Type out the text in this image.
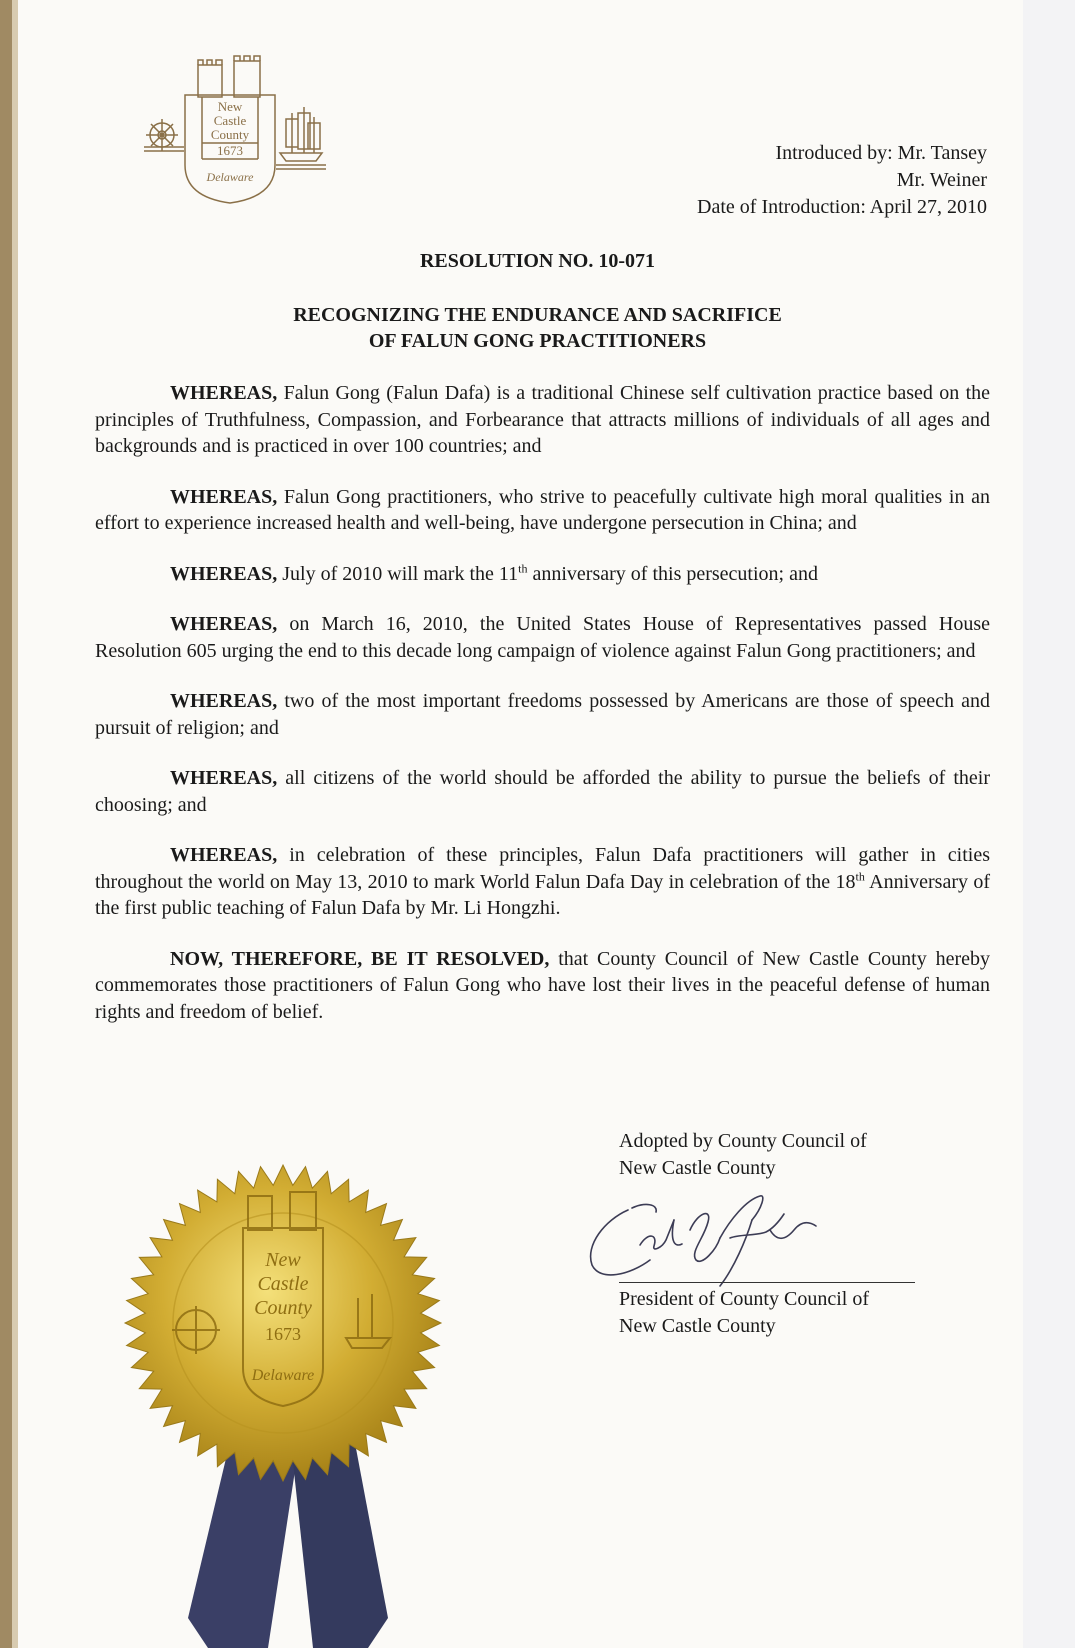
New
Castle
County
1673
Delaware
Introduced by: Mr. Tansey
Mr. Weiner
Date of Introduction: April 27, 2010
RESOLUTION NO. 10-071
RECOGNIZING THE ENDURANCE AND SACRIFICE
OF FALUN GONG PRACTITIONERS

WHEREAS, Falun Gong (Falun Dafa) is a traditional Chinese self cultivation practice based on the principles of Truthfulness, Compassion, and Forbearance that attracts millions of individuals of all ages and backgrounds and is practiced in over 100 countries; and

WHEREAS, Falun Gong practitioners, who strive to peacefully cultivate high moral qualities in an effort to experience increased health and well-being, have undergone persecution in China; and

WHEREAS, July of 2010 will mark the 11th anniversary of this persecution; and

WHEREAS, on March 16, 2010, the United States House of Representatives passed House Resolution 605 urging the end to this decade long campaign of violence against Falun Gong practitioners; and

WHEREAS, two of the most important freedoms possessed by Americans are those of speech and pursuit of religion; and

WHEREAS, all citizens of the world should be afforded the ability to pursue the beliefs of their choosing; and

WHEREAS, in celebration of these principles, Falun Dafa practitioners will gather in cities throughout the world on May 13, 2010 to mark World Falun Dafa Day in celebration of the 18th Anniversary of the first public teaching of Falun Dafa by Mr. Li Hongzhi.

NOW, THEREFORE, BE IT RESOLVED, that County Council of New Castle County hereby commemorates those practitioners of Falun Gong who have lost their lives in the peaceful defense of human rights and freedom of belief.

Adopted by County Council of
New Castle County
President of County Council of
New Castle County
New
Castle
County
1673
Delaware
